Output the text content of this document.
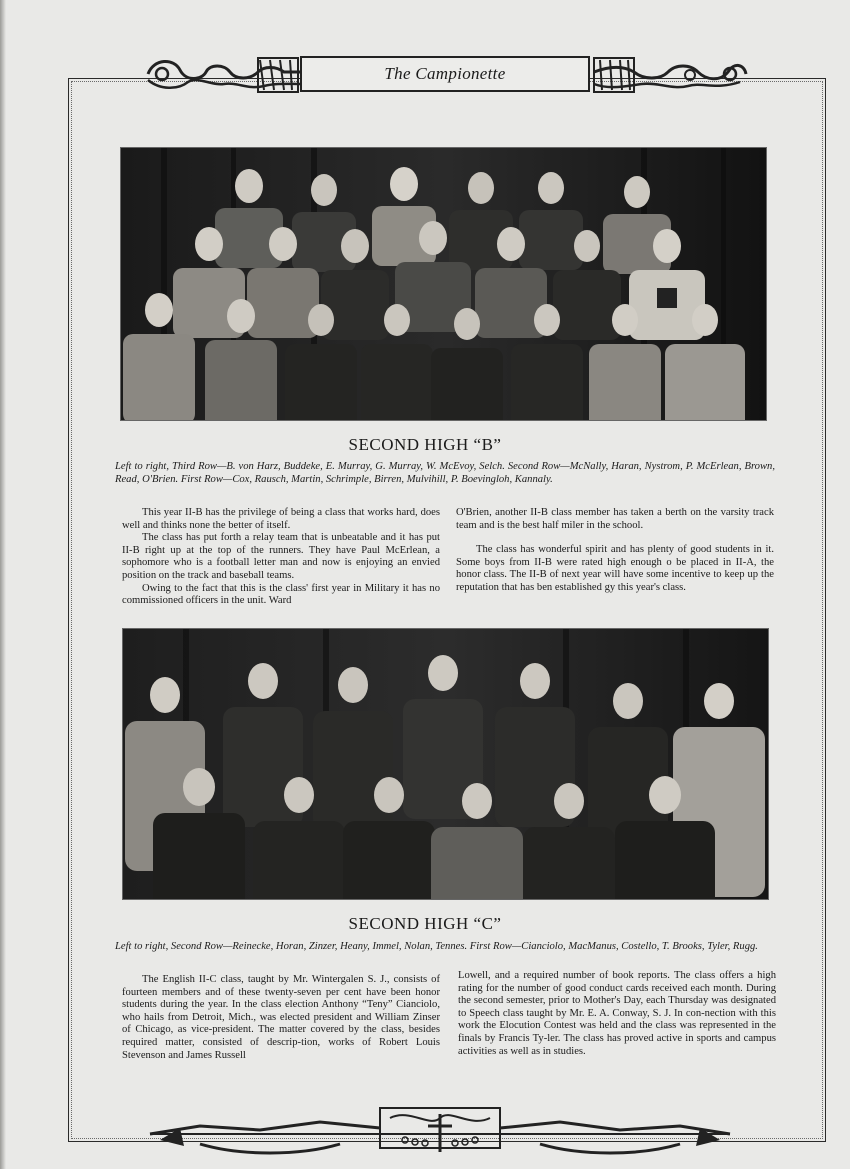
The Campionette
SECOND HIGH “B”

Left to right, Third Row—B. von Harz, Buddeke, E. Murray, G. Murray, W. McEvoy, Selch. Second Row—McNally, Haran, Nystrom, P. McErlean, Brown, Read, O'Brien. First Row—Cox, Rausch, Martin, Schrimple, Birren, Mulvihill, P. Boevingloh, Kannaly.

This year II-B has the privilege of being a class that works hard, does well and thinks none the better of itself.

The class has put forth a relay team that is unbeatable and it has put II-B right up at the top of the runners. They have Paul McErlean, a sophomore who is a football letter man and now is enjoying an envied position on the track and baseball teams.

Owing to the fact that this is the class' first year in Military it has no commissioned officers in the unit. Ward

O'Brien, another II-B class member has taken a berth on the varsity track team and is the best half miler in the school.

The class has wonderful spirit and has plenty of good students in it. Some boys from II-B were rated high enough o be placed in II-A, the honor class. The II-B of next year will have some incentive to keep up the reputation that has ben established gy this year's class.

SECOND HIGH “C”

Left to right, Second Row—Reinecke, Horan, Zinzer, Heany, Immel, Nolan, Tennes. First Row—Cianciolo, MacManus, Costello, T. Brooks, Tyler, Rugg.

The English II-C class, taught by Mr. Wintergalen S. J., consists of fourteen members and of these twenty-seven per cent have been honor students during the year. In the class election Anthony “Teny” Cianciolo, who hails from Detroit, Mich., was elected president and William Zinser of Chicago, as vice-president. The matter covered by the class, besides required matter, consisted of descrip-tion, works of Robert Louis Stevenson and James Russell

Lowell, and a required number of book reports. The class offers a high rating for the number of good conduct cards received each month. During the second semester, prior to Mother's Day, each Thursday was designated to Speech class taught by Mr. E. A. Conway, S. J. In con-nection with this work the Elocution Contest was held and the class was represented in the finals by Francis Ty-ler. The class has proved active in sports and campus activities as well as in studies.
